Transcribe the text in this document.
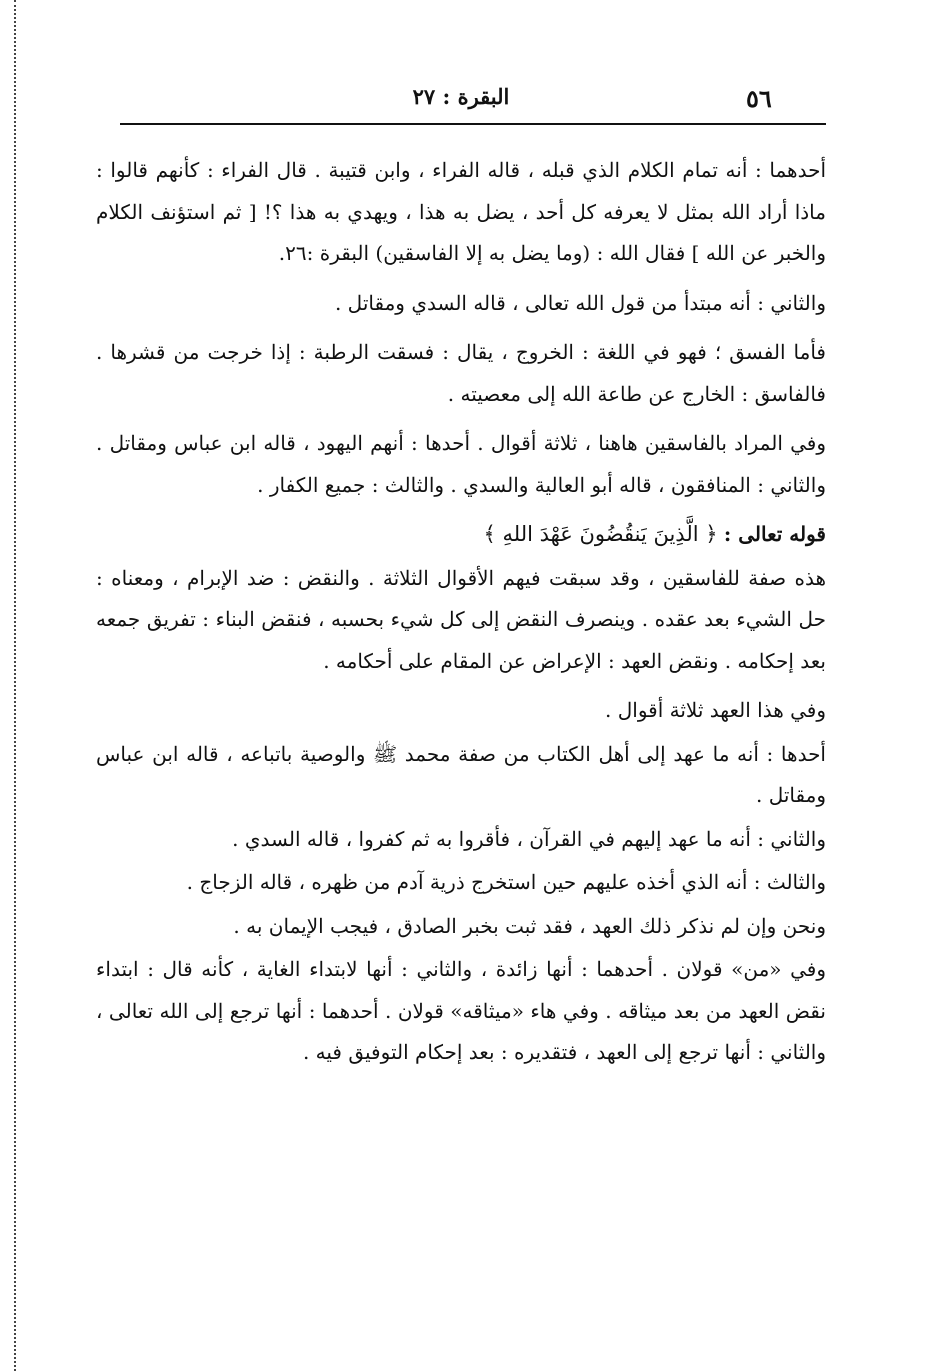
٥٦
البقرة : ٢٧

أحدهما : أنه تمام الكلام الذي قبله ، قاله الفراء ، وابن قتيبة . قال الفراء : كأنهم قالوا : ماذا أراد الله بمثل لا يعرفه كل أحد ، يضل به هذا ، ويهدي به هذا ؟! [ ثم استؤنف الكلام والخبر عن الله ] فقال الله : (وما يضل به إلا الفاسقين) البقرة :٢٦.

والثاني : أنه مبتدأ من قول الله تعالى ، قاله السدي ومقاتل .

فأما الفسق ؛ فهو في اللغة : الخروج ، يقال : فسقت الرطبة : إذا خرجت من قشرها . فالفاسق : الخارج عن طاعة الله إلى معصيته .

وفي المراد بالفاسقين هاهنا ، ثلاثة أقوال . أحدها : أنهم اليهود ، قاله ابن عباس ومقاتل . والثاني : المنافقون ، قاله أبو العالية والسدي . والثالث : جميع الكفار .

قوله تعالى : ﴿ الَّذِينَ يَنقُضُونَ عَهْدَ اللهِ ﴾

هذه صفة للفاسقين ، وقد سبقت فيهم الأقوال الثلاثة . والنقض : ضد الإبرام ، ومعناه : حل الشيء بعد عقده . وينصرف النقض إلى كل شيء بحسبه ، فنقض البناء : تفريق جمعه بعد إحكامه . ونقض العهد : الإعراض عن المقام على أحكامه .

وفي هذا العهد ثلاثة أقوال .

أحدها : أنه ما عهد إلى أهل الكتاب من صفة محمد ﷺ والوصية باتباعه ، قاله ابن عباس ومقاتل .

والثاني : أنه ما عهد إليهم في القرآن ، فأقروا به ثم كفروا ، قاله السدي .

والثالث : أنه الذي أخذه عليهم حين استخرج ذرية آدم من ظهره ، قاله الزجاج .

ونحن وإن لم نذكر ذلك العهد ، فقد ثبت بخبر الصادق ، فيجب الإيمان به .

وفي «من» قولان . أحدهما : أنها زائدة ، والثاني : أنها لابتداء الغاية ، كأنه قال : ابتداء نقض العهد من بعد ميثاقه . وفي هاء «ميثاقه» قولان . أحدهما : أنها ترجع إلى الله تعالى ، والثاني : أنها ترجع إلى العهد ، فتقديره : بعد إحكام التوفيق فيه .
